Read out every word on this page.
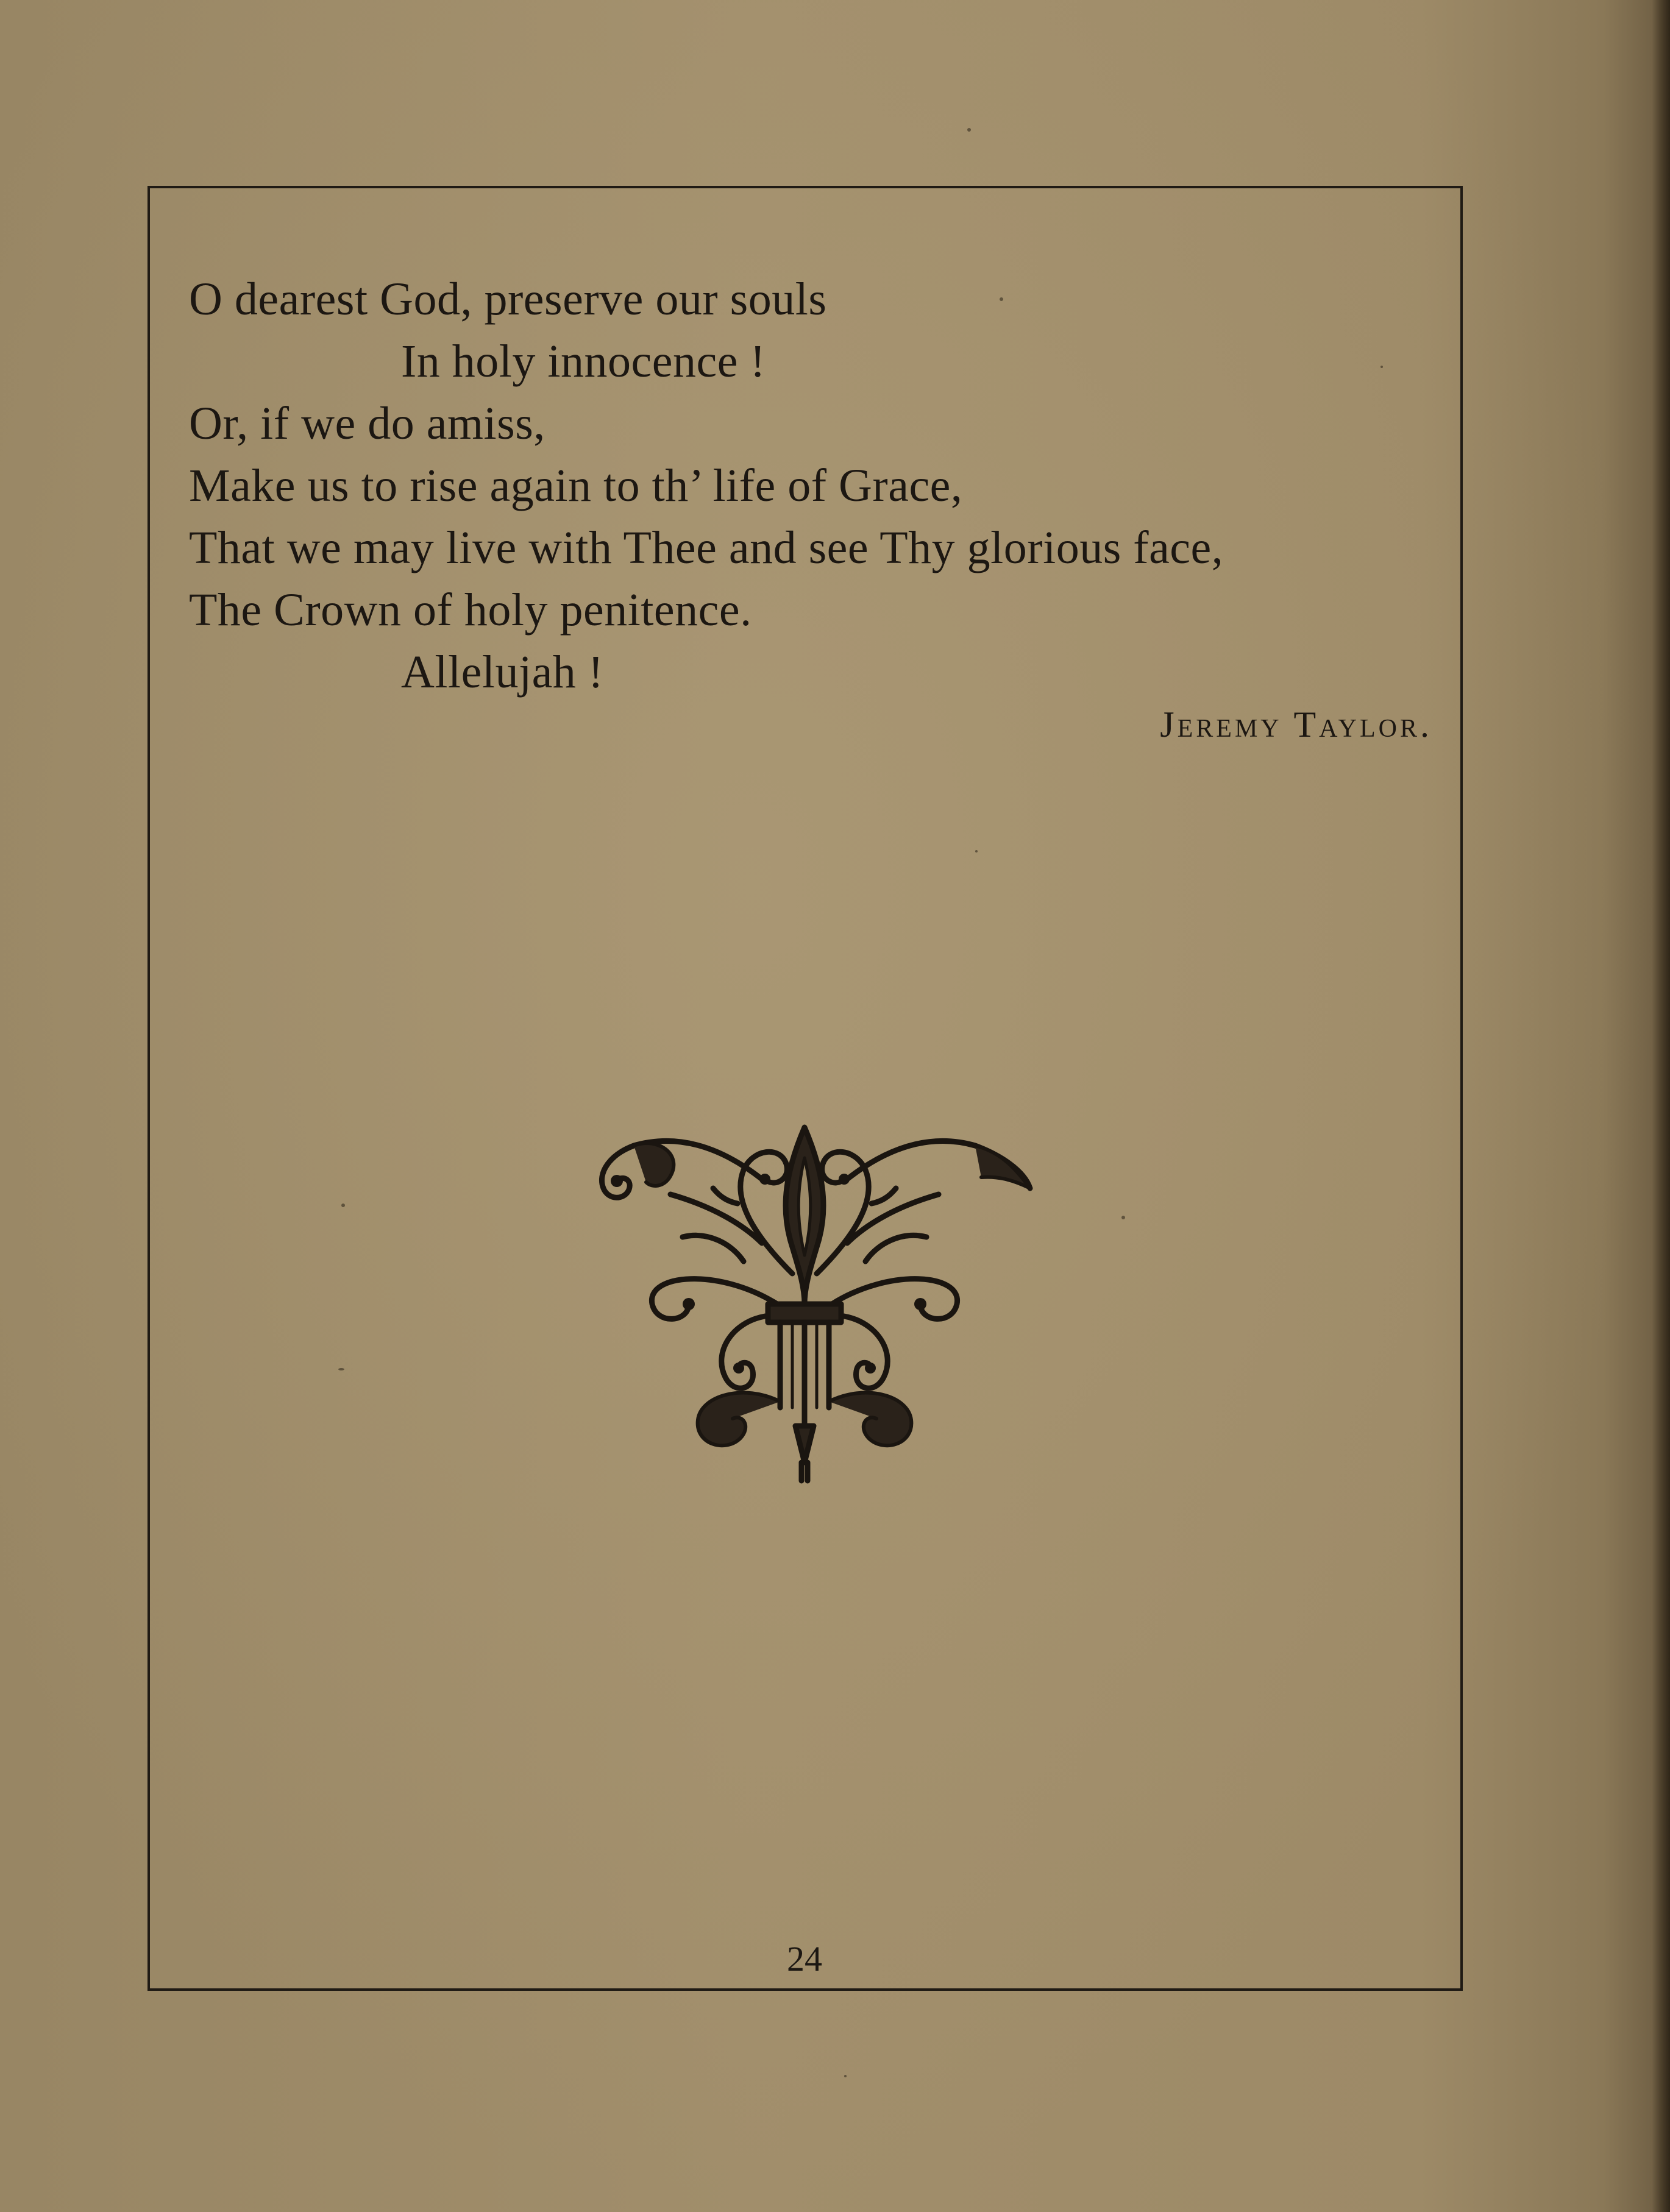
O dearest God, preserve our souls
In holy innocence !
Or, if we do amiss,
Make us to rise again to th’ life of Grace,
That we may live with Thee and see Thy glorious face,
The Crown of holy penitence.
Allelujah !
Jeremy Taylor.
24
